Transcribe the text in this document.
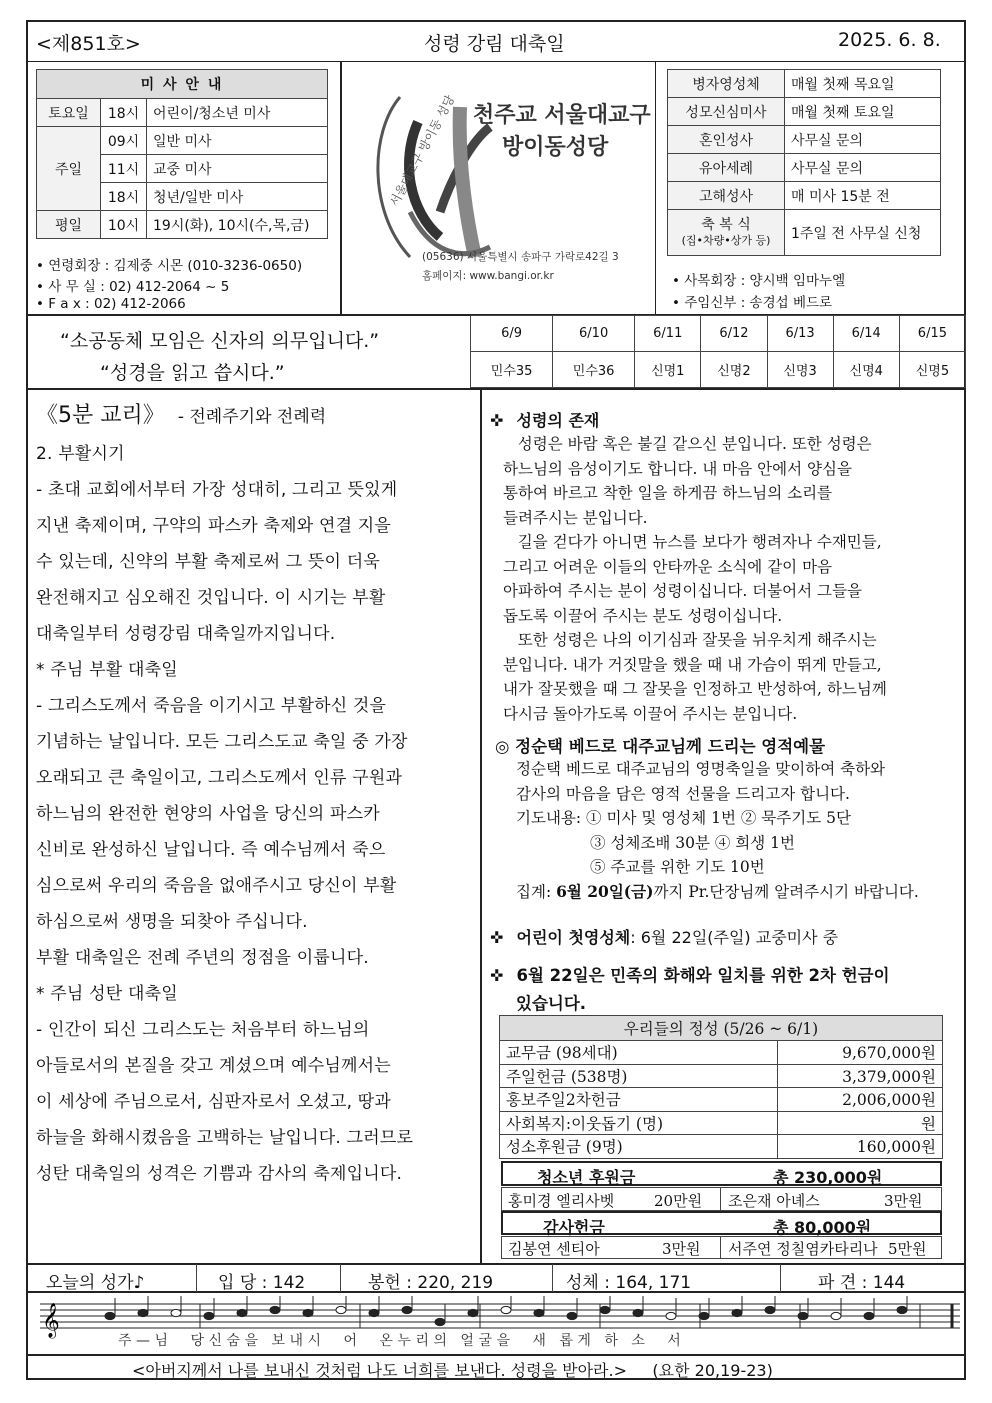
<제851호>	성령 강림 대축일	2025. 6. 8.
미 사 안 내		
토요일	18시	어린이/청소년 미사
주일	09시	일반 미사
	11시	교중 미사
	18시	청년/일반 미사
평일	10시	19시(화), 10시(수,목,금)
• 연령회장 : 김제중 시몬 (010-3236-0650)
• 사 무 실 : 02) 412-2064 ~ 5
• F a x : 02) 412-2066
서울대교구 방이동 성당 천주교 서울대교구
방이동성당
(05636) 서울특별시 송파구 가락로42길 3
홈페이지: www.bangi.or.kr
병자영성체	매월 첫째 목요일
성모신심미사	매월 첫째 토요일
혼인성사	사무실 문의
유아세례	사무실 문의
고해성사	매 미사 15분 전

축 복 식
(집•차량•상가 등)	1주일 전 사무실 신청
• 사목회장 : 양시백 임마누엘
• 주임신부 : 송경섭 베드로
“소공동체 모임은 신자의 의무입니다.”
“성경을 읽고 씁시다.”
6/9	6/10	6/11	6/12	6/13	6/14	6/15
민수35	민수36	신명1	신명2	신명3	신명4	신명5
《5분 교리》 - 전례주기와 전례력
2. 부활시기
- 초대 교회에서부터 가장 성대히, 그리고 뜻있게
지낸 축제이며, 구약의 파스카 축제와 연결 지을
수 있는데, 신약의 부활 축제로써 그 뜻이 더욱
완전해지고 심오해진 것입니다. 이 시기는 부활
대축일부터 성령강림 대축일까지입니다.
* 주님 부활 대축일
- 그리스도께서 죽음을 이기시고 부활하신 것을
기념하는 날입니다. 모든 그리스도교 축일 중 가장
오래되고 큰 축일이고, 그리스도께서 인류 구원과
하느님의 완전한 현양의 사업을 당신의 파스카
신비로 완성하신 날입니다. 즉 예수님께서 죽으
심으로써 우리의 죽음을 없애주시고 당신이 부활
하심으로써 생명을 되찾아 주십니다.
부활 대축일은 전례 주년의 정점을 이룹니다.
* 주님 성탄 대축일
- 인간이 되신 그리스도는 처음부터 하느님의
아들로서의 본질을 갖고 계셨으며 예수님께서는
이 세상에 주님으로서, 심판자로서 오셨고, 땅과
하늘을 화해시켰음을 고백하는 날입니다. 그러므로
성탄 대축일의 성격은 기쁨과 감사의 축제입니다.
✜ 성령의 존재
성령은 바람 혹은 불길 같으신 분입니다. 또한 성령은
하느님의 음성이기도 합니다. 내 마음 안에서 양심을
통하여 바르고 착한 일을 하게끔 하느님의 소리를
들려주시는 분입니다.
길을 걷다가 아니면 뉴스를 보다가 행려자나 수재민들,
그리고 어려운 이들의 안타까운 소식에 같이 마음
아파하여 주시는 분이 성령이십니다. 더불어서 그들을
돕도록 이끌어 주시는 분도 성령이십니다.
또한 성령은 나의 이기심과 잘못을 뉘우치게 해주시는
분입니다. 내가 거짓말을 했을 때 내 가슴이 뛰게 만들고,
내가 잘못했을 때 그 잘못을 인정하고 반성하여, 하느님께
다시금 돌아가도록 이끌어 주시는 분입니다.
◎ 정순택 베드로 대주교님께 드리는 영적예물
정순택 베드로 대주교님의 영명축일을 맞이하여 축하와
감사의 마음을 담은 영적 선물을 드리고자 합니다.
기도내용: ① 미사 및 영성체 1번 ② 묵주기도 5단
③ 성체조배 30분 ④ 희생 1번
⑤ 주교를 위한 기도 10번
집계: 6월 20일(금)까지 Pr.단장님께 알려주시기 바랍니다.
✜ 어린이 첫영성체: 6월 22일(주일) 교중미사 중
✜ 6월 22일은 민족의 화해와 일치를 위한 2차 헌금이
있습니다.
우리들의 정성 (5/26 ~ 6/1)	
교무금 (98세대)	9,670,000원
주일헌금 (538명)	3,379,000원
홍보주일2차헌금	2,006,000원
사회복지:이웃돕기 (명)	원
성소후원금 (9명)	160,000원
청소년 후원금	총 230,000원
홍미경 엘리사벳	20만원 조은재 아녜스	3만원
감사헌금	총 80,000원
김봉연 센티아	3만원 서주연 정칠염카타리나 5만원
오늘의 성가♪	입 당 : 142	봉헌 : 220, 219	성체 : 164, 171	파 견 : 144
𝄞
주—님  당신숨을 보내시  어  온누리의 얼굴을  새 롭게 하 소  서
<아버지께서 나를 보내신 것처럼 나도 너희를 보낸다. 성령을 받아라.>     (요한 20,19-23)
